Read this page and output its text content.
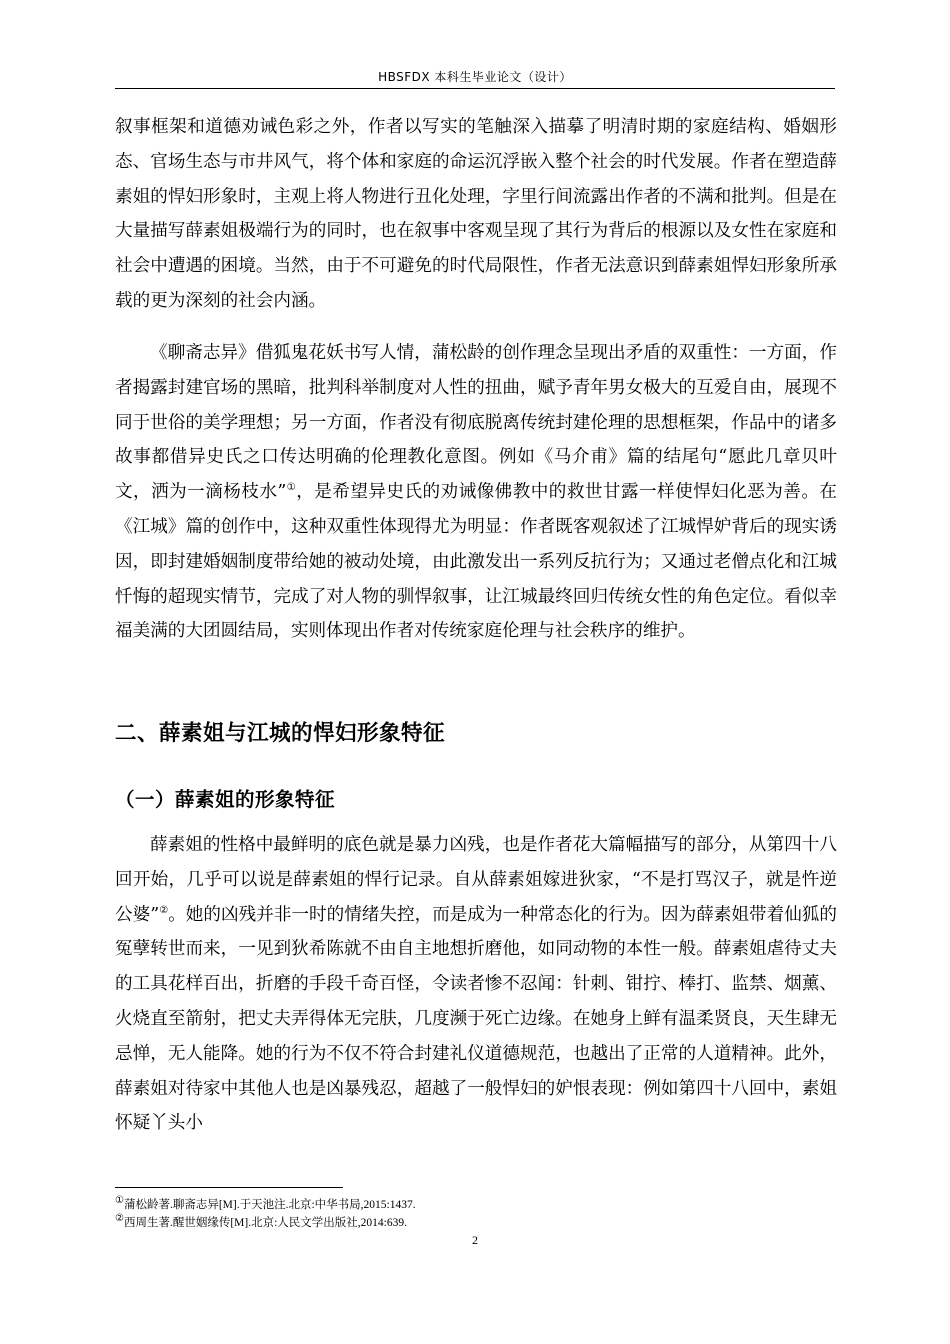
HBSFDX 本科生毕业论文（设计）

叙事框架和道德劝诫色彩之外，作者以写实的笔触深入描摹了明清时期的家庭结构、婚姻形态、官场生态与市井风气，将个体和家庭的命运沉浮嵌入整个社会的时代发展。作者在塑造薛素姐的悍妇形象时，主观上将人物进行丑化处理，字里行间流露出作者的不满和批判。但是在大量描写薛素姐极端行为的同时，也在叙事中客观呈现了其行为背后的根源以及女性在家庭和社会中遭遇的困境。当然，由于不可避免的时代局限性，作者无法意识到薛素姐悍妇形象所承载的更为深刻的社会内涵。

《聊斋志异》借狐鬼花妖书写人情，蒲松龄的创作理念呈现出矛盾的双重性：一方面，作者揭露封建官场的黑暗，批判科举制度对人性的扭曲，赋予青年男女极大的互爱自由，展现不同于世俗的美学理想；另一方面，作者没有彻底脱离传统封建伦理的思想框架，作品中的诸多故事都借异史氏之口传达明确的伦理教化意图。例如《马介甫》篇的结尾句“愿此几章贝叶文，洒为一滴杨枝水”①，是希望异史氏的劝诫像佛教中的救世甘露一样使悍妇化恶为善。在《江城》篇的创作中，这种双重性体现得尤为明显：作者既客观叙述了江城悍妒背后的现实诱因，即封建婚姻制度带给她的被动处境，由此激发出一系列反抗行为；又通过老僧点化和江城忏悔的超现实情节，完成了对人物的驯悍叙事，让江城最终回归传统女性的角色定位。看似幸福美满的大团圆结局，实则体现出作者对传统家庭伦理与社会秩序的维护。

二、薛素姐与江城的悍妇形象特征
（一）薛素姐的形象特征

薛素姐的性格中最鲜明的底色就是暴力凶残，也是作者花大篇幅描写的部分，从第四十八回开始，几乎可以说是薛素姐的悍行记录。自从薛素姐嫁进狄家，“不是打骂汉子，就是忤逆公婆”②。她的凶残并非一时的情绪失控，而是成为一种常态化的行为。因为薛素姐带着仙狐的冤孽转世而来，一见到狄希陈就不由自主地想折磨他，如同动物的本性一般。薛素姐虐待丈夫的工具花样百出，折磨的手段千奇百怪，令读者惨不忍闻：针刺、钳拧、棒打、监禁、烟薰、火烧直至箭射，把丈夫弄得体无完肤，几度濒于死亡边缘。在她身上鲜有温柔贤良，天生肆无忌惮，无人能降。她的行为不仅不符合封建礼仪道德规范，也越出了正常的人道精神。此外，薛素姐对待家中其他人也是凶暴残忍，超越了一般悍妇的妒恨表现：例如第四十八回中，素姐怀疑丫头小

①蒲松龄著.聊斋志异[M].于天池注.北京:中华书局,2015:1437.
②西周生著.醒世姻缘传[M].北京:人民文学出版社,2014:639.
2
